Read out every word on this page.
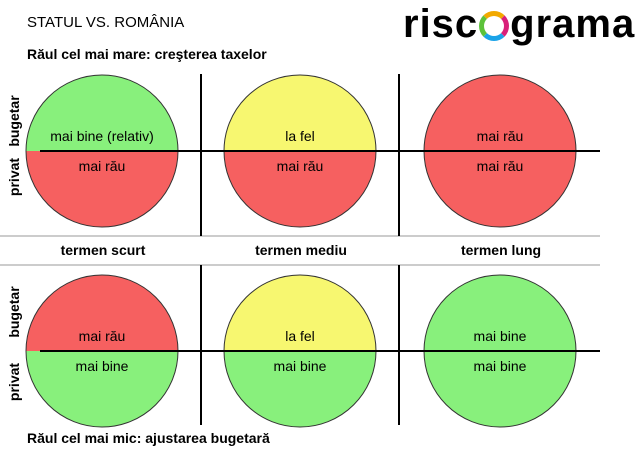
STATUL VS. ROMÂNIA
Răul cel mai mare: creşterea taxelor
Răul cel mai mic: ajustarea bugetară
risc grama
mai bine (relativ)
mai rău
la fel
mai rău
mai rău
mai rău
mai rău
mai bine
la fel
mai bine
mai bine
mai bine
termen scurt	termen mediu	termen lung
bugetar
privat
bugetar
privat
